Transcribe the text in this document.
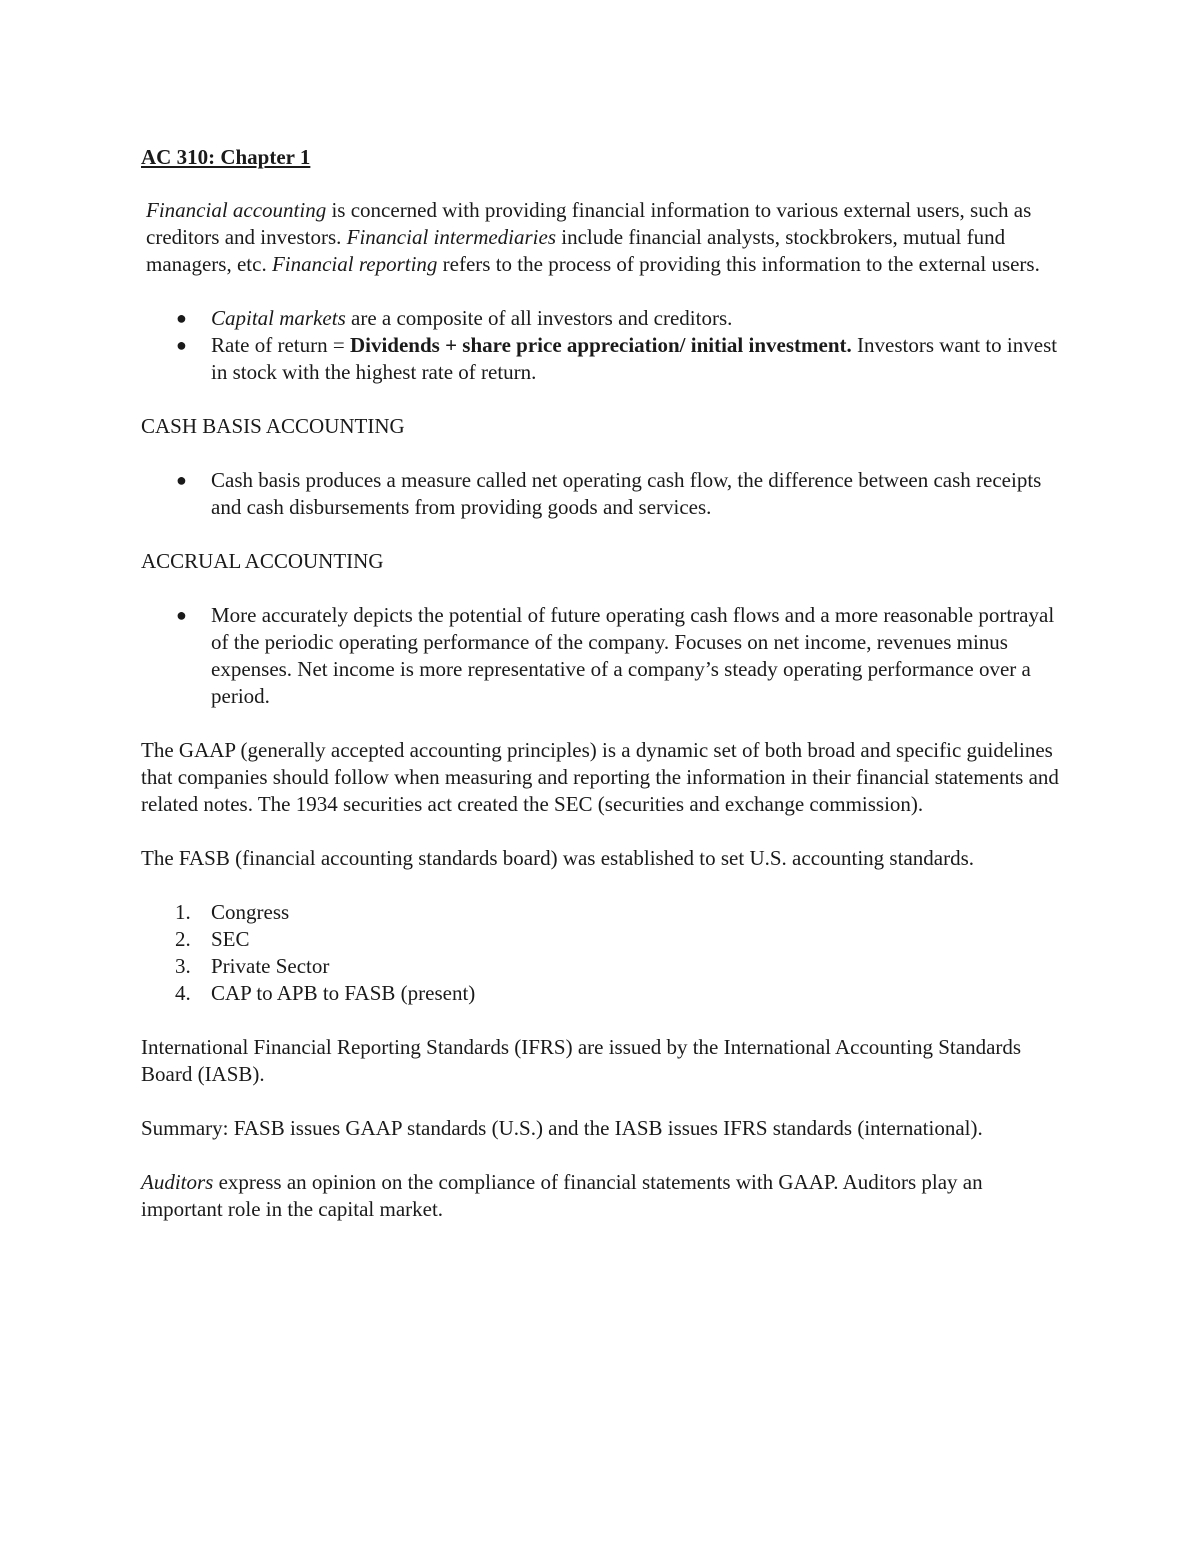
AC 310: Chapter 1

Financial accounting is concerned with providing financial information to various external users, such as creditors and investors. Financial intermediaries include financial analysts, stockbrokers, mutual fund managers, etc. Financial reporting refers to the process of providing this information to the external users.

● Capital markets are a composite of all investors and creditors.
● Rate of return = Dividends + share price appreciation/ initial investment. Investors want to invest in stock with the highest rate of return.
CASH BASIS ACCOUNTING
● Cash basis produces a measure called net operating cash flow, the difference between cash receipts and cash disbursements from providing goods and services.
ACCRUAL ACCOUNTING
● More accurately depicts the potential of future operating cash flows and a more reasonable portrayal of the periodic operating performance of the company. Focuses on net income, revenues minus expenses. Net income is more representative of a company’s steady operating performance over a period.

The GAAP (generally accepted accounting principles) is a dynamic set of both broad and specific guidelines that companies should follow when measuring and reporting the information in their financial statements and related notes. The 1934 securities act created the SEC (securities and exchange commission).

The FASB (financial accounting standards board) was established to set U.S. accounting standards.

1. Congress
2. SEC
3. Private Sector
4. CAP to APB to FASB (present)

International Financial Reporting Standards (IFRS) are issued by the International Accounting Standards Board (IASB).

Summary: FASB issues GAAP standards (U.S.) and the IASB issues IFRS standards (international).

Auditors express an opinion on the compliance of financial statements with GAAP. Auditors play an important role in the capital market.
